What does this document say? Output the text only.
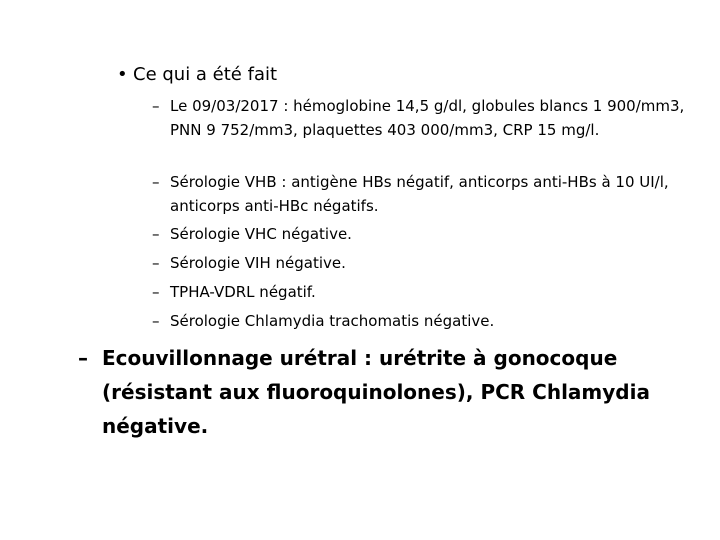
• Ce qui a été fait
– Le 09/03/2017 : hémoglobine 14,5 g/dl, globules blancs 1 900/mm3, PNN 9 752/mm3, plaquettes 403 000/mm3, CRP 15 mg/l.
– Sérologie VHB : antigène HBs négatif, anticorps anti-HBs à 10 UI/l, anticorps anti-HBc négatifs.
– Sérologie VHC négative.
– Sérologie VIH négative.
– TPHA-VDRL négatif.
– Sérologie Chlamydia trachomatis négative.
– Ecouvillonnage urétral : urétrite à gonocoque (résistant aux fluoroquinolones), PCR Chlamydia négative.
